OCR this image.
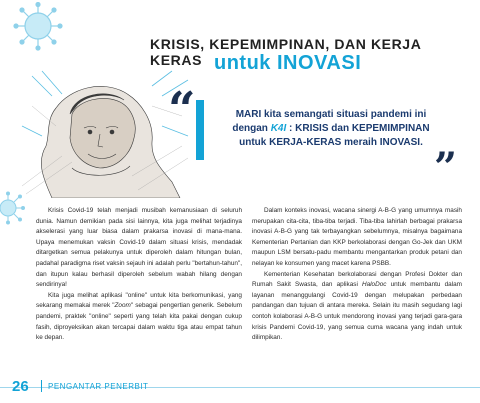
KRISIS, KEPEMIMPINAN, DAN KERJA KERAS untuk INOVASI
“	MARI kita semangati situasi pandemi ini
dengan K4I : KRISIS dan KEPEMIMPINAN
untuk KERJA-KERAS meraih INOVASI.
”

Krisis Covid-19 telah menjadi musibah kemanusiaan di seluruh dunia. Namun demikian pada sisi lainnya, kita juga melihat terjadinya akselerasi yang luar biasa dalam prakarsa inovasi di mana-mana. Upaya menemukan vaksin Covid-19 dalam situasi krisis, mendadak ditargetkan semua pelakunya untuk diperoleh dalam hitungan bulan, padahal paradigma riset vaksin sejauh ini adalah perlu "bertahun-tahun", dan itupun kalau berhasil diperoleh sebelum wabah hilang dengan sendirinya!

Kita juga melihat aplikasi "online" untuk kita berkomunikasi, yang sekarang memakai merek "Zoom" sebagai pengertian generik. Sebelum pandemi, praktek "online" seperti yang telah kita pakai dengan cukup fasih, diproyeksikan akan tercapai dalam waktu tiga atau empat tahun ke depan.

Dalam konteks inovasi, wacana sinergi A-B-G yang umumnya masih merupakan cita-cita, tiba-tiba terjadi. Tiba-tiba lahirlah berbagai prakarsa inovasi A-B-G yang tak terbayangkan sebelumnya, misalnya bagaimana Kementerian Pertanian dan KKP berkolaborasi dengan Go-Jek dan UKM maupun LSM bersatu-padu membantu mengantarkan produk petani dan nelayan ke konsumen yang macet karena PSBB.

Kementerian Kesehatan berkolaborasi dengan Profesi Dokter dan Rumah Sakit Swasta, dan aplikasi HaloDoc untuk membantu dalam layanan menanggulangi Covid-19 dengan melupakan perbedaan pandangan dan tujuan di antara mereka. Selain itu masih segudang lagi contoh kolaborasi A-B-G untuk mendorong inovasi yang terjadi gara-gara krisis Pandemi Covid-19, yang semua cuma wacana yang indah untuk dilimpikan.

26 PENGANTAR PENERBIT
